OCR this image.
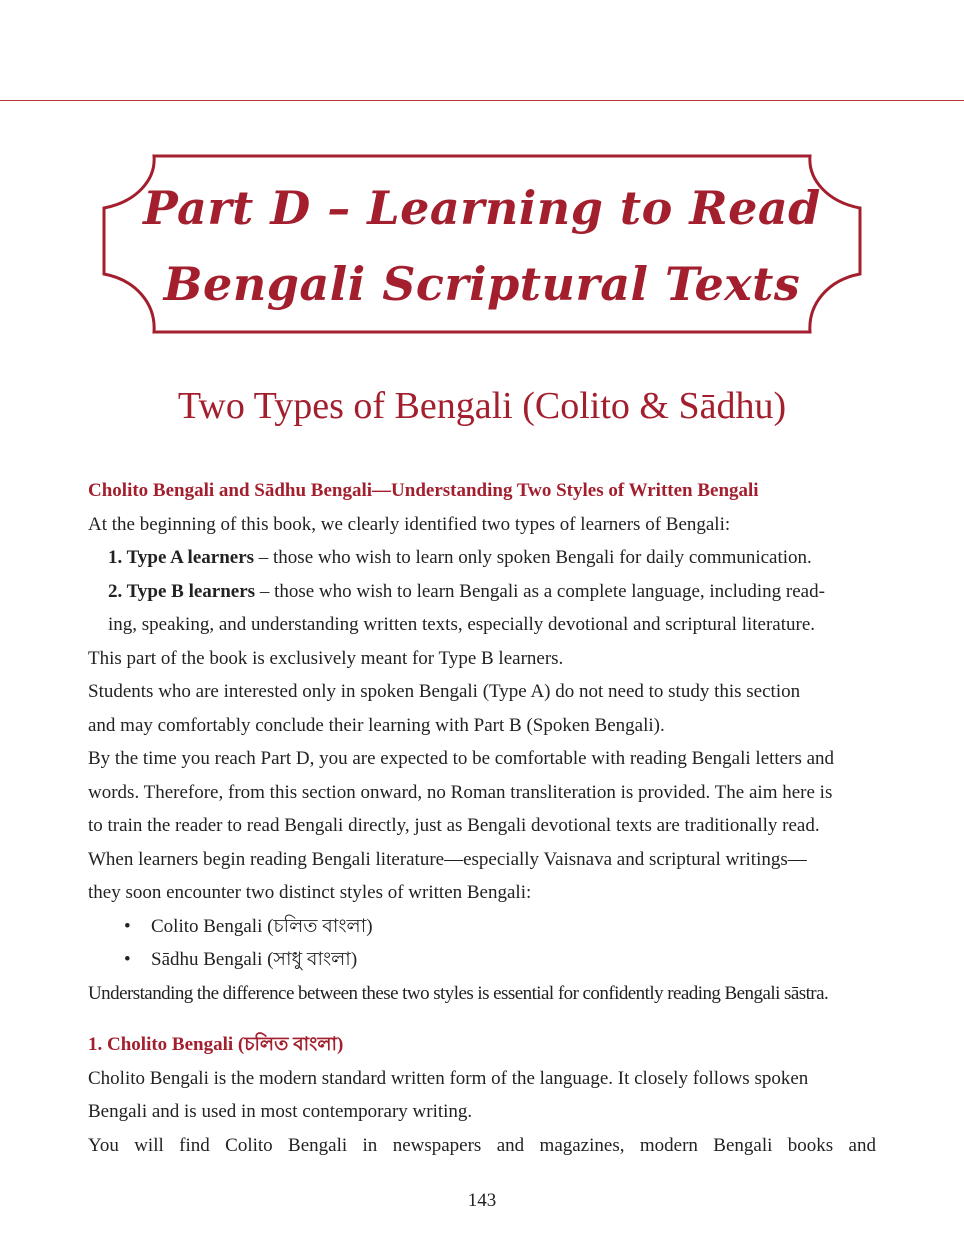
Part D – Learning to Read
Bengali Scriptural Texts
Two Types of Bengali (Colito & Sādhu)

Cholito Bengali and Sādhu Bengali—Understanding Two Styles of Written Bengali

At the beginning of this book, we clearly identified two types of learners of Bengali:

1. Type A learners – those who wish to learn only spoken Bengali for daily communication.

2. Type B learners – those who wish to learn Bengali as a complete language, including read-

ing, speaking, and understanding written texts, especially devotional and scriptural literature.

This part of the book is exclusively meant for Type B learners.

Students who are interested only in spoken Bengali (Type A) do not need to study this section

and may comfortably conclude their learning with Part B (Spoken Bengali).

By the time you reach Part D, you are expected to be comfortable with reading Bengali letters and

words. Therefore, from this section onward, no Roman transliteration is provided. The aim here is

to train the reader to read Bengali directly, just as Bengali devotional texts are traditionally read.

When learners begin reading Bengali literature—especially Vaisnava and scriptural writings—

they soon encounter two distinct styles of written Bengali:

• Colito Bengali (চলিত বাংলা)

• Sādhu Bengali (সাধু বাংলা)

Understanding the difference between these two styles is essential for confidently reading Bengali sāstra.

1. Cholito Bengali (চলিত বাংলা)

Cholito Bengali is the modern standard written form of the language. It closely follows spoken

Bengali and is used in most contemporary writing.

You will find Colito Bengali in newspapers and magazines, modern Bengali books and

143
